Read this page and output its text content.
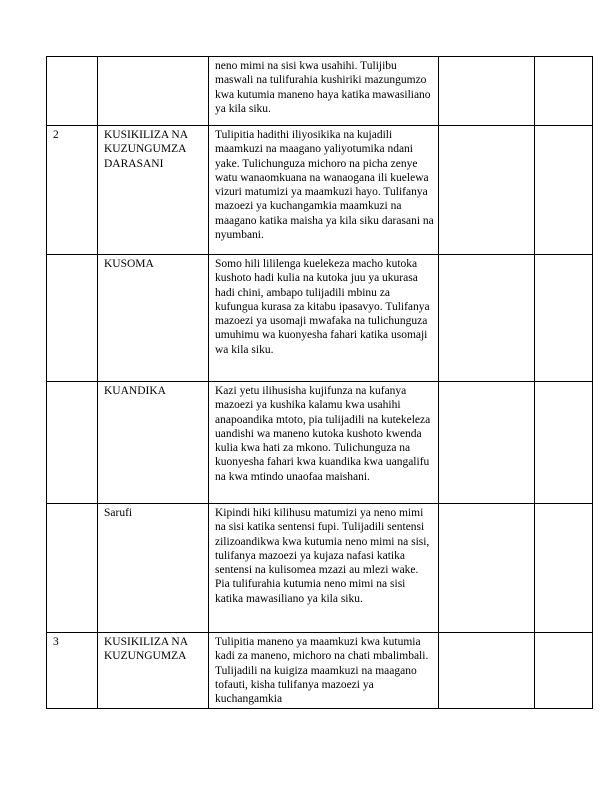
		neno mimi na sisi kwa usahihi. Tulijibu maswali na tulifurahia kushiriki mazungumzo kwa kutumia maneno haya katika mawasiliano ya kila siku.		
2	KUSIKILIZA NA KUZUNGUMZA DARASANI	Tulipitia hadithi iliyosikika na kujadili maamkuzi na maagano yaliyotumika ndani yake. Tulichunguza michoro na picha zenye watu wanaomkuana na wanaogana ili kuelewa vizuri matumizi ya maamkuzi hayo. Tulifanya mazoezi ya kuchangamkia maamkuzi na maagano katika maisha ya kila siku darasani na nyumbani.		
	KUSOMA	Somo hili lililenga kuelekeza macho kutoka kushoto hadi kulia na kutoka juu ya ukurasa hadi chini, ambapo tulijadili mbinu za kufungua kurasa za kitabu ipasavyo. Tulifanya mazoezi ya usomaji mwafaka na tulichunguza umuhimu wa kuonyesha fahari katika usomaji wa kila siku.		
	KUANDIKA	Kazi yetu ilihusisha kujifunza na kufanya mazoezi ya kushika kalamu kwa usahihi anapoandika mtoto, pia tulijadili na kutekeleza uandishi wa maneno kutoka kushoto kwenda kulia kwa hati za mkono. Tulichunguza na kuonyesha fahari kwa kuandika kwa uangalifu na kwa mtindo unaofaa maishani.		
	Sarufi	Kipindi hiki kilihusu matumizi ya neno mimi na sisi katika sentensi fupi. Tulijadili sentensi zilizoandikwa kwa kutumia neno mimi na sisi, tulifanya mazoezi ya kujaza nafasi katika sentensi na kulisomea mzazi au mlezi wake. Pia tulifurahia kutumia neno mimi na sisi katika mawasiliano ya kila siku.		
3	KUSIKILIZA NA KUZUNGUMZA	Tulipitia maneno ya maamkuzi kwa kutumia kadi za maneno, michoro na chati mbalimbali. Tulijadili na kuigiza maamkuzi na maagano tofauti, kisha tulifanya mazoezi ya kuchangamkia		
